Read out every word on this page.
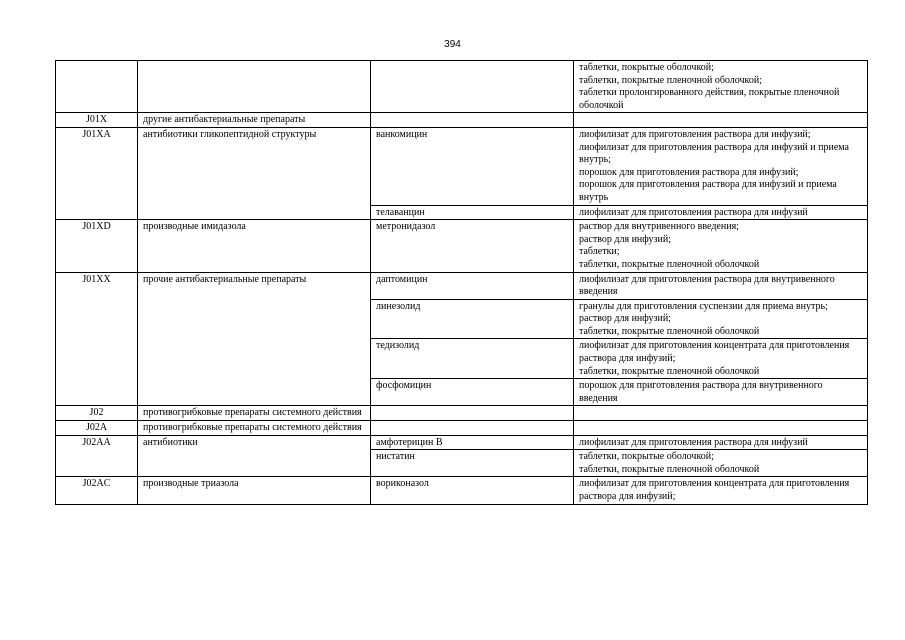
394

			таблетки, покрытые оболочкой;
таблетки, покрытые пленочной оболочкой;
таблетки пролонгированного действия, покрытые пленочной оболочкой

J01X	другие антибактериальные препараты		
J01XA	антибиотики гликопептидной структуры	ванкомицин	лиофилизат для приготовления раствора для инфузий;
лиофилизат для приготовления раствора для инфузий и приема внутрь;
порошок для приготовления раствора для инфузий;
порошок для приготовления раствора для инфузий и приема внутрь

		телаванцин	лиофилизат для приготовления раствора для инфузий

J01XD	производные имидазола	метронидазол	раствор для внутривенного введения;
раствор для инфузий;
таблетки;
таблетки, покрытые пленочной оболочкой

J01XX	прочие антибактериальные препараты	даптомицин	лиофилизат для приготовления раствора для внутривенного введения

		линезолид	гранулы для приготовления суспензии для приема внутрь;
раствор для инфузий;
таблетки, покрытые пленочной оболочкой

		тедизолид	лиофилизат для приготовления концентрата для приготовления раствора для инфузий;
таблетки, покрытые пленочной оболочкой

		фосфомицин	порошок для приготовления раствора для внутривенного введения

J02	противогрибковые препараты системного действия		
J02A	противогрибковые препараты системного действия		
J02AA	антибиотики	амфотерицин В	лиофилизат для приготовления раствора для инфузий

		нистатин	таблетки, покрытые оболочкой;
таблетки, покрытые пленочной оболочкой

J02AC	производные триазола	вориконазол	лиофилизат для приготовления концентрата для приготовления раствора для инфузий;
